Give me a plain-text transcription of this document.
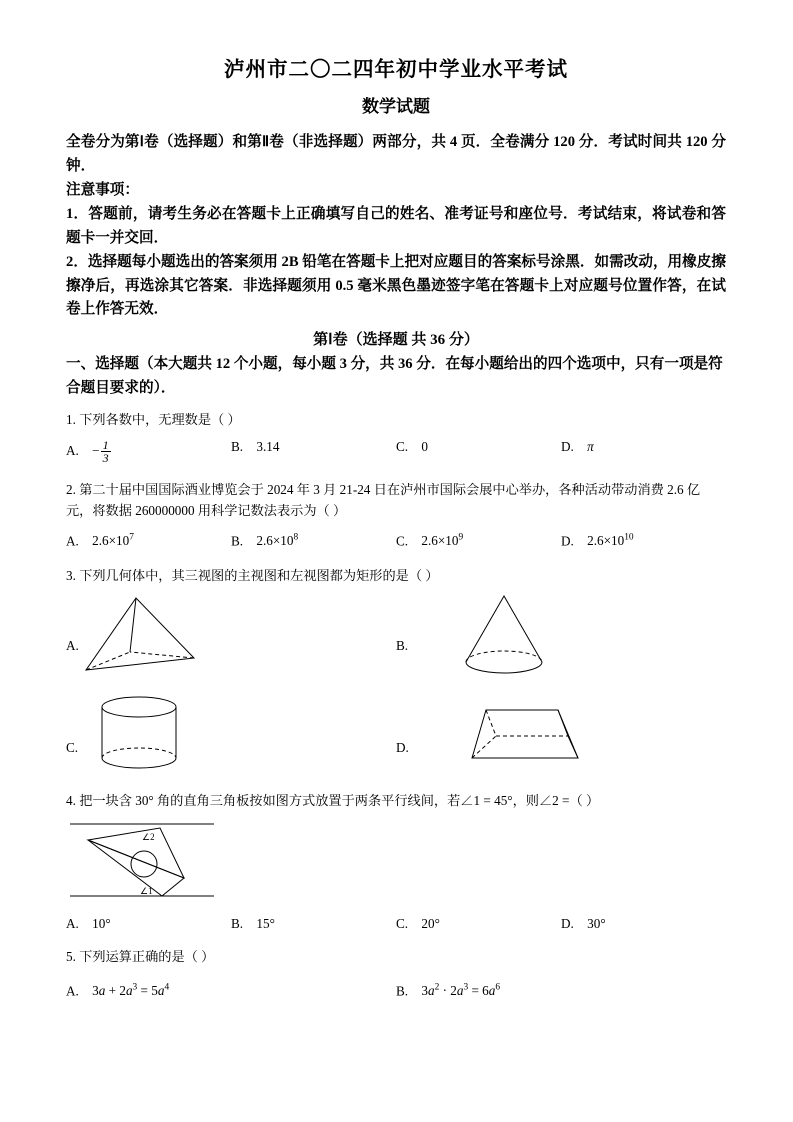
泸州市二〇二四年初中学业水平考试
数学试题
全卷分为第Ⅰ卷（选择题）和第Ⅱ卷（非选择题）两部分，共 4 页．全卷满分 120 分．考试时间共 120 分钟．
注意事项：
1．答题前，请考生务必在答题卡上正确填写自己的姓名、准考证号和座位号．考试结束，将试卷和答题卡一并交回．
2．选择题每小题选出的答案须用 2B 铅笔在答题卡上把对应题目的答案标号涂黑．如需改动，用橡皮擦擦净后，再选涂其它答案．非选择题须用 0.5 毫米黑色墨迹签字笔在答题卡上对应题号位置作答，在试卷上作答无效．
第Ⅰ卷（选择题 共 36 分）
一、选择题（本大题共 12 个小题，每小题 3 分，共 36 分．在每小题给出的四个选项中，只有一项是符合题目要求的）．
1. 下列各数中，无理数是（ ）
A. − $\frac{1}{3}$	B. 3.14	C. 0	D. π
2. 第二十届中国国际酒业博览会于 2024 年 3 月 21-24 日在泸州市国际会展中心举办，各种活动带动消费 2.6 亿元，将数据 260000000 用科学记数法表示为（ ）
A. $2.6\times 10^7$	B. $2.6\times 10^8$	C. $2.6\times 10^9$	D. $2.6\times 10^{10}$
3. 下列几何体中，其三视图的主视图和左视图都为矩形的是（ ）
A.	B.
C.	D.
4. 把一块含 30° 角的直角三角板按如图方式放置于两条平行线间，若∠1 = 45°，则∠2 =（ ）
∠2
∠1
A. 10°	B. 15°	C. 20°	D. 30°
5. 下列运算正确的是（ ）
A. $3a + 2a^3 = 5a^4$	B. $3a^2 \cdot 2a^3 = 6a^6$
